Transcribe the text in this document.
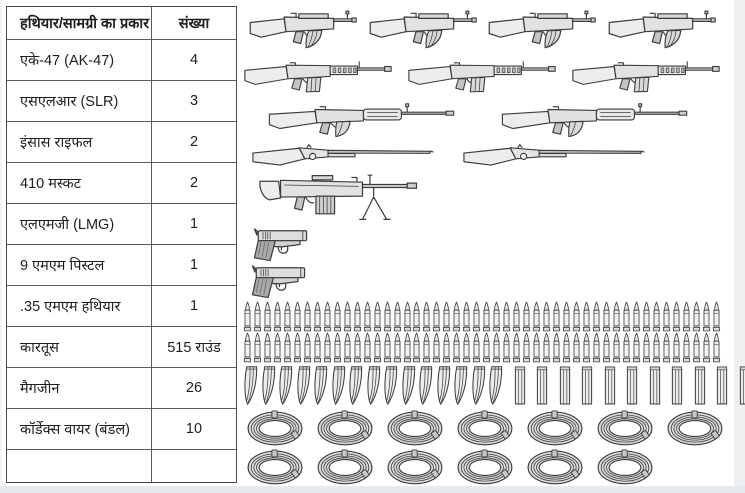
हथियार/सामग्री का प्रकार	संख्या
एके-47 (AK-47)	4
एसएलआर (SLR)	3
इंसास राइफल	2
410 मस्कट	2
एलएमजी (LMG)	1
9 एमएम पिस्टल	1
.35 एमएम हथियार	1
कारतूस	515 राउंड
मैगजीन	26
कॉर्डेक्स वायर (बंडल)	10
